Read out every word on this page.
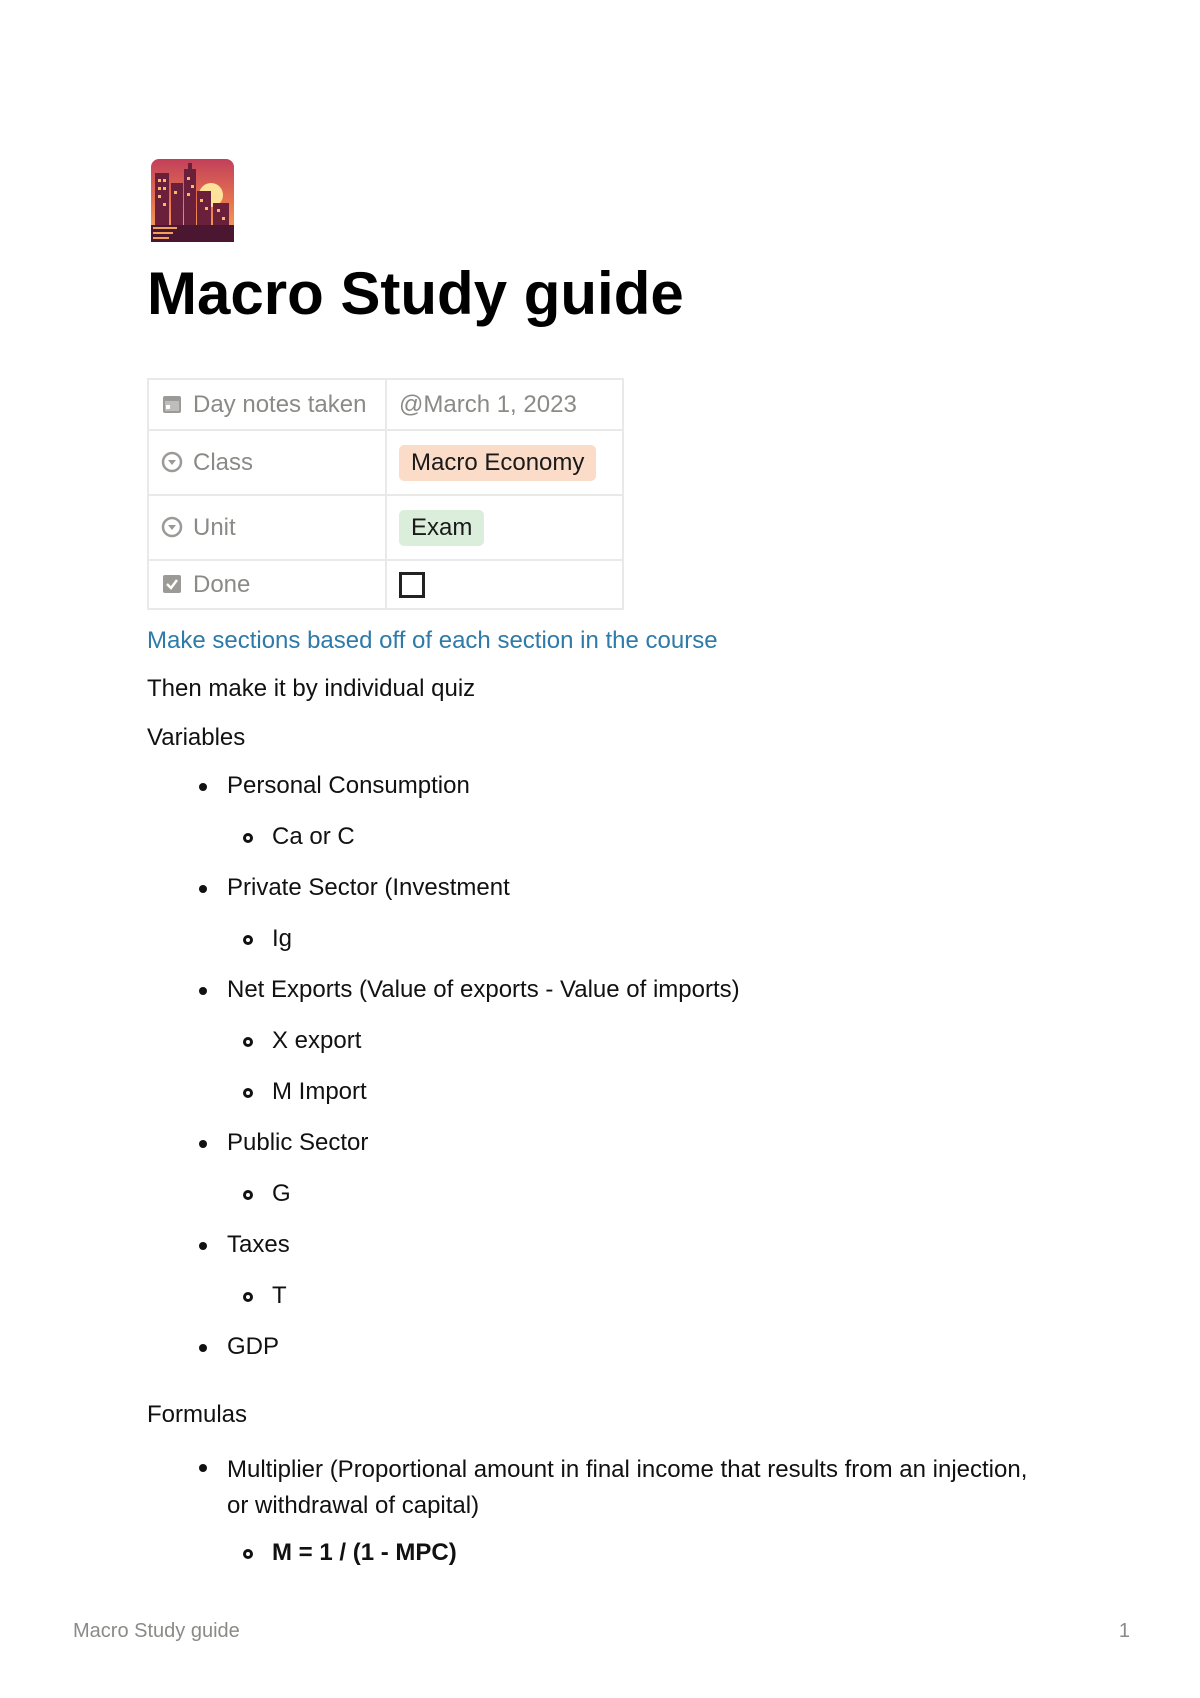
Macro Study guide
Day notes taken	@March 1, 2023
Class	Macro Economy
Unit	Exam
Done	

Make sections based off of each section in the course

Then make it by individual quiz

Variables

Personal Consumption
Ca or C
Private Sector (Investment
Ig
Net Exports (Value of exports - Value of imports)
X export
M Import
Public Sector
G
Taxes
T
GDP

Formulas

Multiplier (Proportional amount in final income that results from an injection, or withdrawal of capital)
M = 1 / (1 - MPC)
Macro Study guide	1
